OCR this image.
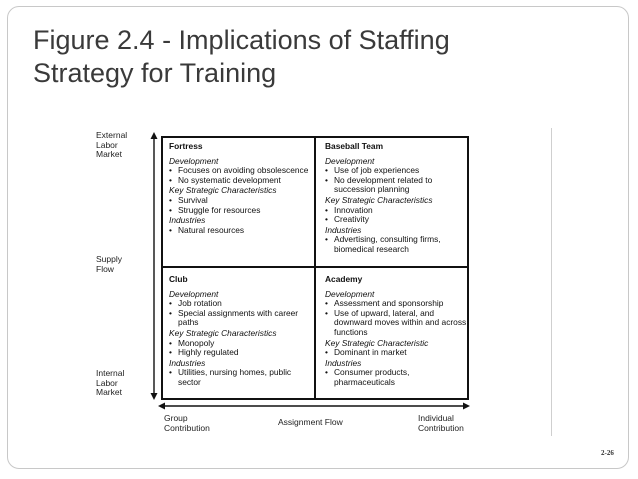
Figure 2.4 - Implications of Staffing
Strategy for Training
External
Labor
Market
Supply
Flow
Internal
Labor
Market
Fortress
Development
• Focuses on avoiding obsolescence
• No systematic development
Key Strategic Characteristics
• Survival
• Struggle for resources
Industries
• Natural resources
Baseball Team
Development
• Use of job experiences
• No development related to succession planning
Key Strategic Characteristics
• Innovation
• Creativity
Industries
• Advertising, consulting firms, biomedical research
Club
Development
• Job rotation
• Special assignments with career paths
Key Strategic Characteristics
• Monopoly
• Highly regulated
Industries
• Utilities, nursing homes, public sector
Academy
Development
• Assessment and sponsorship
• Use of upward, lateral, and downward moves within and across functions
Key Strategic Characteristic
• Dominant in market
Industries
• Consumer products, pharmaceuticals
Group
Contribution
Assignment Flow	Individual
Contribution
2-26
